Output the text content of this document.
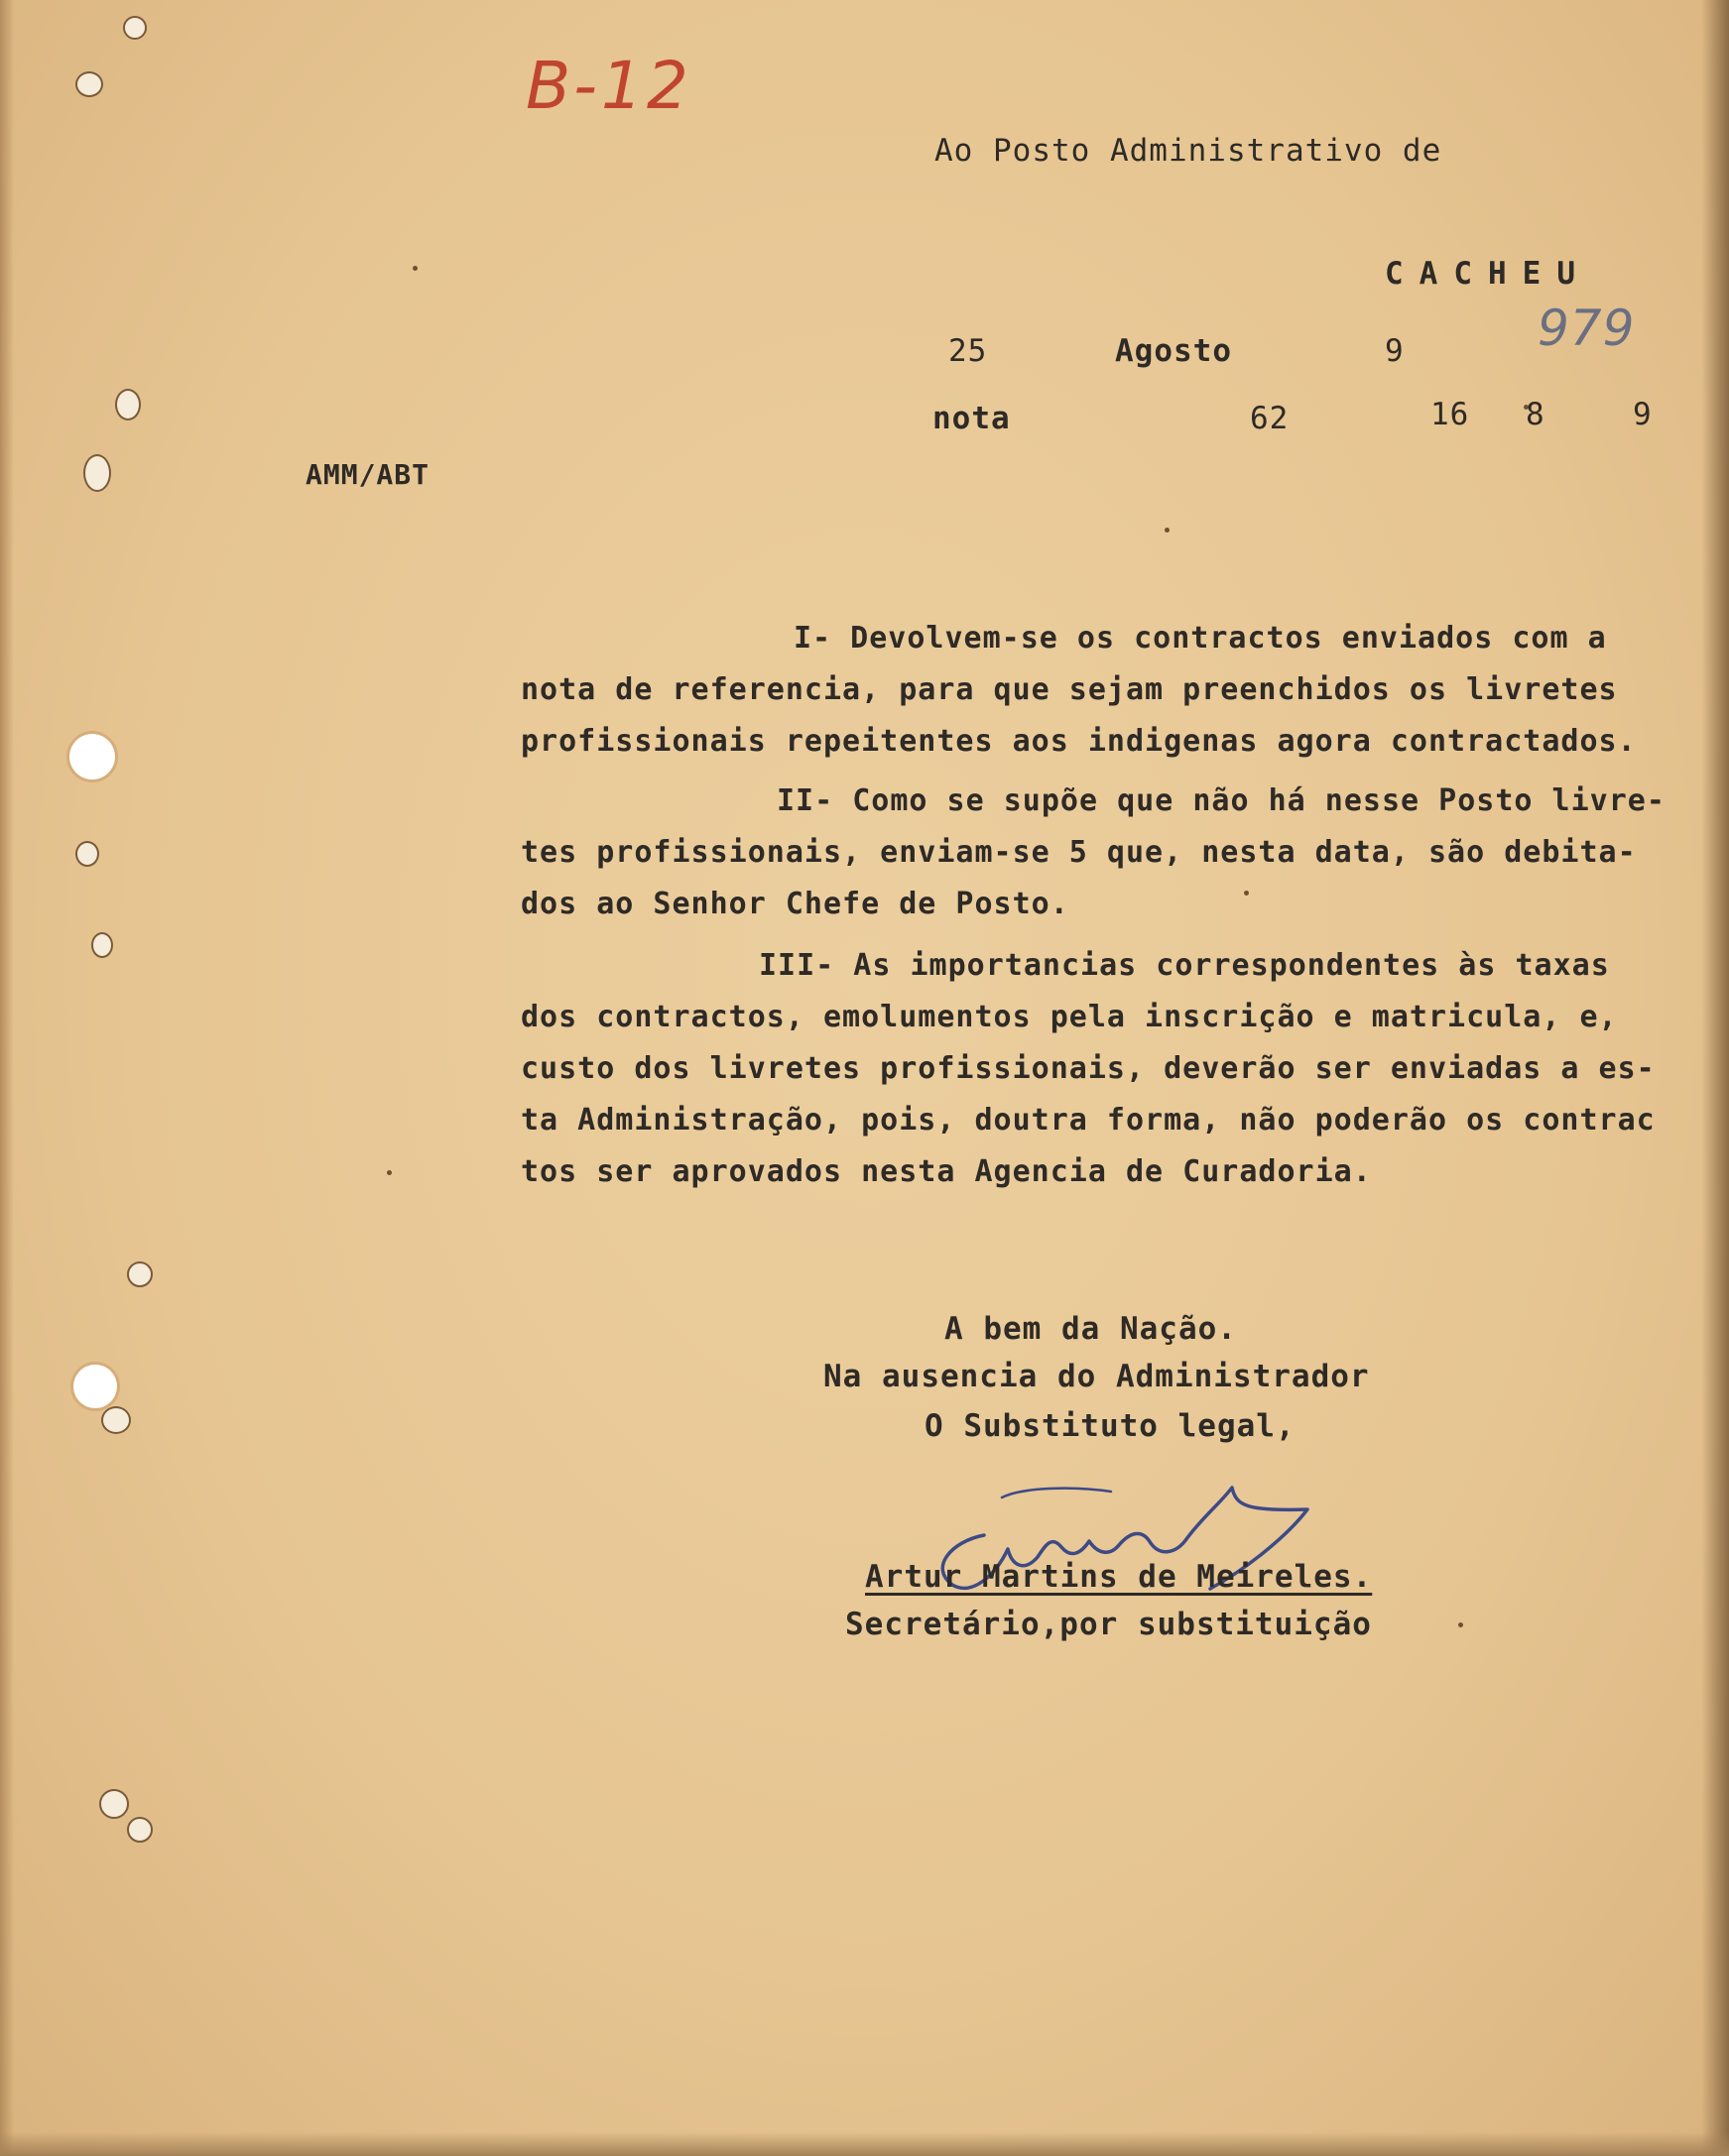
B-12
Ao Posto Administrativo de
CACHEU
25	Agosto	9	979
nota	62	16 8	9
AMM/ABT
I- Devolvem-se os contractos enviados com a
nota de referencia, para que sejam preenchidos os livretes
profissionais repeitentes aos indigenas agora contractados.
II- Como se supõe que não há nesse Posto livre-
tes profissionais, enviam-se 5 que, nesta data, são debita-
dos ao Senhor Chefe de Posto.
III- As importancias correspondentes às taxas
dos contractos, emolumentos pela inscrição e matricula, e,
custo dos livretes profissionais, deverão ser enviadas a es-
ta Administração, pois, doutra forma, não poderão os contrac
tos ser aprovados nesta Agencia de Curadoria.
A bem da Nação.
Na ausencia do Administrador
O Substituto legal,
Artur Martins de Meireles.
Secretário,por substituição
